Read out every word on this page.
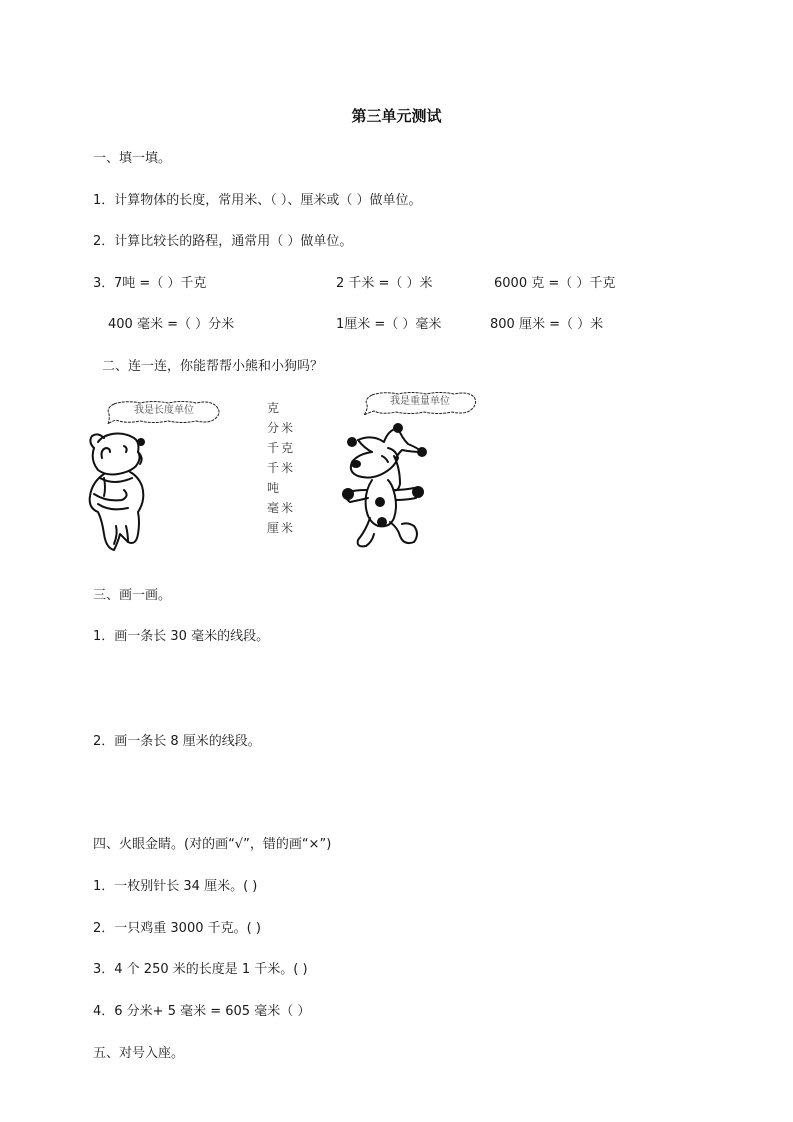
第三单元测试
一、填一填。
1．计算物体的长度，常用米、（ ）、厘米或（ ）做单位。
2．计算比较长的路程，通常用（ ）做单位。
3． 7吨 =（ ）千克	2 千米 =（ ）米	6000 克 =（ ）千克
400 毫米 =（ ）分米	1厘米 =（ ）毫米	800 厘米 =（ ）米
二、连一连，你能帮帮小熊和小狗吗？
我是长度单位	克
分米
千克
千米
吨
毫米
厘米
我是重量单位
三、画一画。
1．画一条长 30 毫米的线段。
2．画一条长 8 厘米的线段。
四、火眼金睛。(对的画“√”，错的画“×”)
1．一枚别针长 34 厘米。( )
2．一只鸡重 3000 千克。( )
3．4 个 250 米的长度是 1 千米。( )
4．6 分米+ 5 毫米 = 605 毫米（ ）
五、对号入座。
